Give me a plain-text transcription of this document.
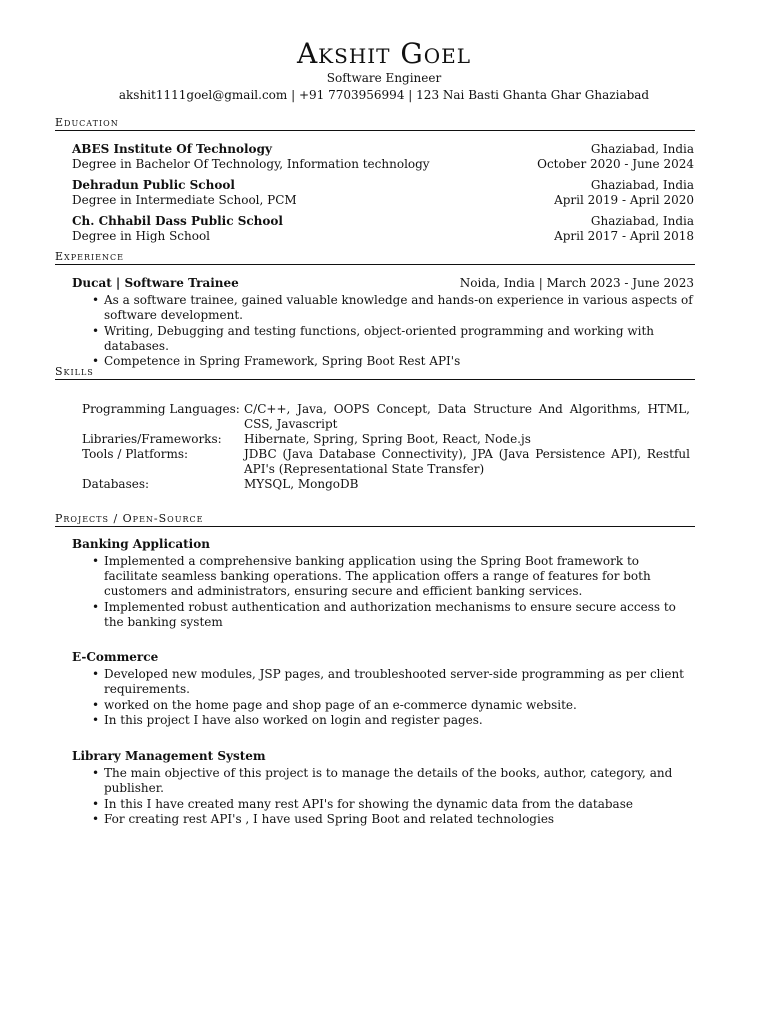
Akshit Goel
Software Engineer
akshit1111goel@gmail.com | +91 7703956994 | 123 Nai Basti Ghanta Ghar Ghaziabad
Education
ABES Institute Of Technology	Ghaziabad, India
Degree in Bachelor Of Technology, Information technology	October 2020 - June 2024
Dehradun Public School	Ghaziabad, India
Degree in Intermediate School, PCM	April 2019 - April 2020
Ch. Chhabil Dass Public School	Ghaziabad, India
Degree in High School	April 2017 - April 2018
Experience
Ducat | Software Trainee	Noida, India | March 2023 - June 2023
• As a software trainee, gained valuable knowledge and hands-on experience in various aspects of software development.
• Writing, Debugging and testing functions, object-oriented programming and working with databases.
• Competence in Spring Framework, Spring Boot Rest API's
Skills
Programming Languages: C/C++, Java, OOPS Concept, Data Structure And Algorithms, HTML, CSS, Javascript
Libraries/Frameworks:	Hibernate, Spring, Spring Boot, React, Node.js
Tools / Platforms:	JDBC (Java Database Connectivity), JPA (Java Persistence API), Restful API's (Representational State Transfer)
Databases:	MYSQL, MongoDB
Projects / Open-Source
Banking Application
• Implemented a comprehensive banking application using the Spring Boot framework to facilitate seamless banking operations. The application offers a range of features for both customers and administrators, ensuring secure and efficient banking services.
• Implemented robust authentication and authorization mechanisms to ensure secure access to the banking system
E-Commerce
• Developed new modules, JSP pages, and troubleshooted server-side programming as per client requirements.
• worked on the home page and shop page of an e-commerce dynamic website.
• In this project I have also worked on login and register pages.
Library Management System
• The main objective of this project is to manage the details of the books, author, category, and publisher.
• In this I have created many rest API's for showing the dynamic data from the database
• For creating rest API's , I have used Spring Boot and related technologies
